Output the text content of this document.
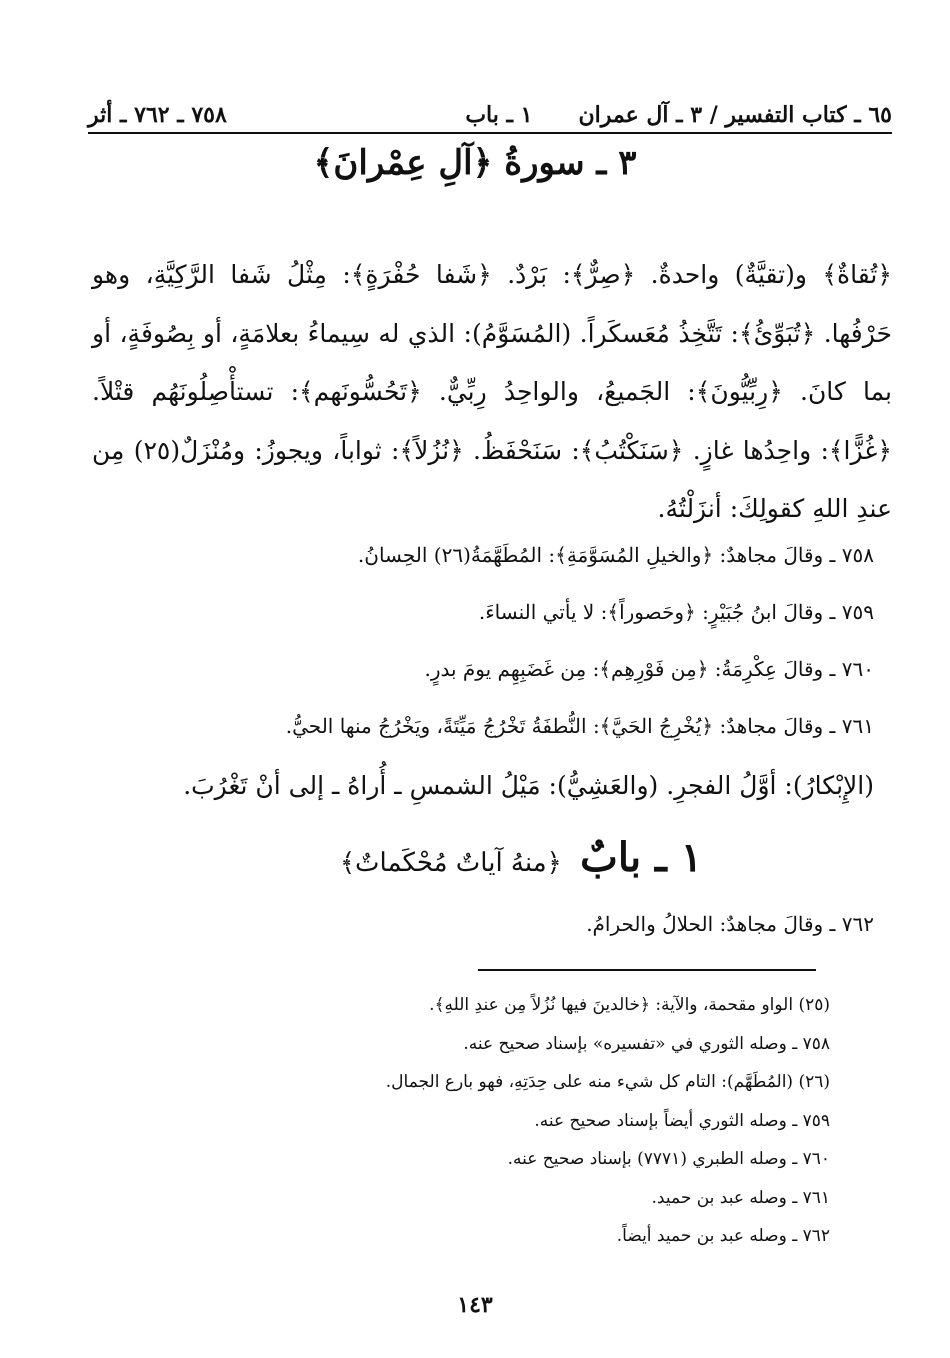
٦٥ ـ كتاب التفسير / ٣ ـ آل عمران
١ ـ باب
٧٥٨ ـ ٧٦٢ ـ أثر
٣ ـ سورةُ ﴿آلِ عِمْرانَ﴾

﴿تُقاةٌ﴾ و(تقيَّةٌ) واحدةٌ. ﴿صِرٌّ﴾: بَرْدٌ. ﴿شَفا حُفْرَةٍ﴾: مِثْلُ شَفا الرَّكِيَّةِ، وهو حَرْفُها. ﴿تُبَوِّئُ﴾: تَتَّخِذُ مُعَسكَراً. (المُسَوَّمُ): الذي له سِيماءُ بعلامَةٍ، أو بِصُوفَةٍ، أو بما كانَ. ﴿رِبِّيُّونَ﴾: الجَميعُ، والواحِدُ رِبِّيٌّ. ﴿تَحُسُّونَهم﴾: تستأْصِلُونَهُم قتْلاً. ﴿غُزًّا﴾: واحِدُها غازٍ. ﴿سَنَكْتُبُ﴾: سَنَحْفَظُ. ﴿نُزُلاً﴾: ثواباً، ويجوزُ: ومُنْزَلٌ(٢٥) مِن عندِ اللهِ كقولِكَ: أنزَلْتُهُ.

٧٥٨ ـ وقالَ مجاهدٌ: ﴿والخيلِ المُسَوَّمَةِ﴾: المُطَهَّمَةُ(٢٦) الحِسانُ.
٧٥٩ ـ وقالَ ابنُ جُبَيْرٍ: ﴿وحَصوراً﴾: لا يأتي النساءَ.
٧٦٠ ـ وقالَ عِكْرِمَةُ: ﴿مِن فَوْرِهِم﴾: مِن غَضَبِهِم يومَ بدرٍ.
٧٦١ ـ وقالَ مجاهدٌ: ﴿يُخْرِجُ الحَيَّ﴾: النُّطفَةُ تَخْرُجُ مَيِّتَةً، ويَخْرُجُ منها الحيُّ.
(الإِبْكارُ): أوَّلُ الفجرِ. (والعَشِيُّ): مَيْلُ الشمسِ ـ أُراهُ ـ إلى أنْ تَغْرُبَ.
١ ـ بابٌ ﴿منهُ آياتٌ مُحْكَماتٌ﴾
٧٦٢ ـ وقالَ مجاهدٌ: الحلالُ والحرامُ.
(٢٥) الواو مقحمة، والآية: ﴿خالدينَ فيها نُزُلاً مِن عندِ اللهِ﴾.
٧٥٨ ـ وصله الثوري في «تفسيره» بإسناد صحيح عنه.
(٢٦) (المُطَهَّم): التام كل شيء منه على حِدَتِهِ، فهو بارع الجمال.
٧٥٩ ـ وصله الثوري أيضاً بإسناد صحيح عنه.
٧٦٠ ـ وصله الطبري (٧٧٧١) بإسناد صحيح عنه.
٧٦١ ـ وصله عبد بن حميد.
٧٦٢ ـ وصله عبد بن حميد أيضاً.
١٤٣
